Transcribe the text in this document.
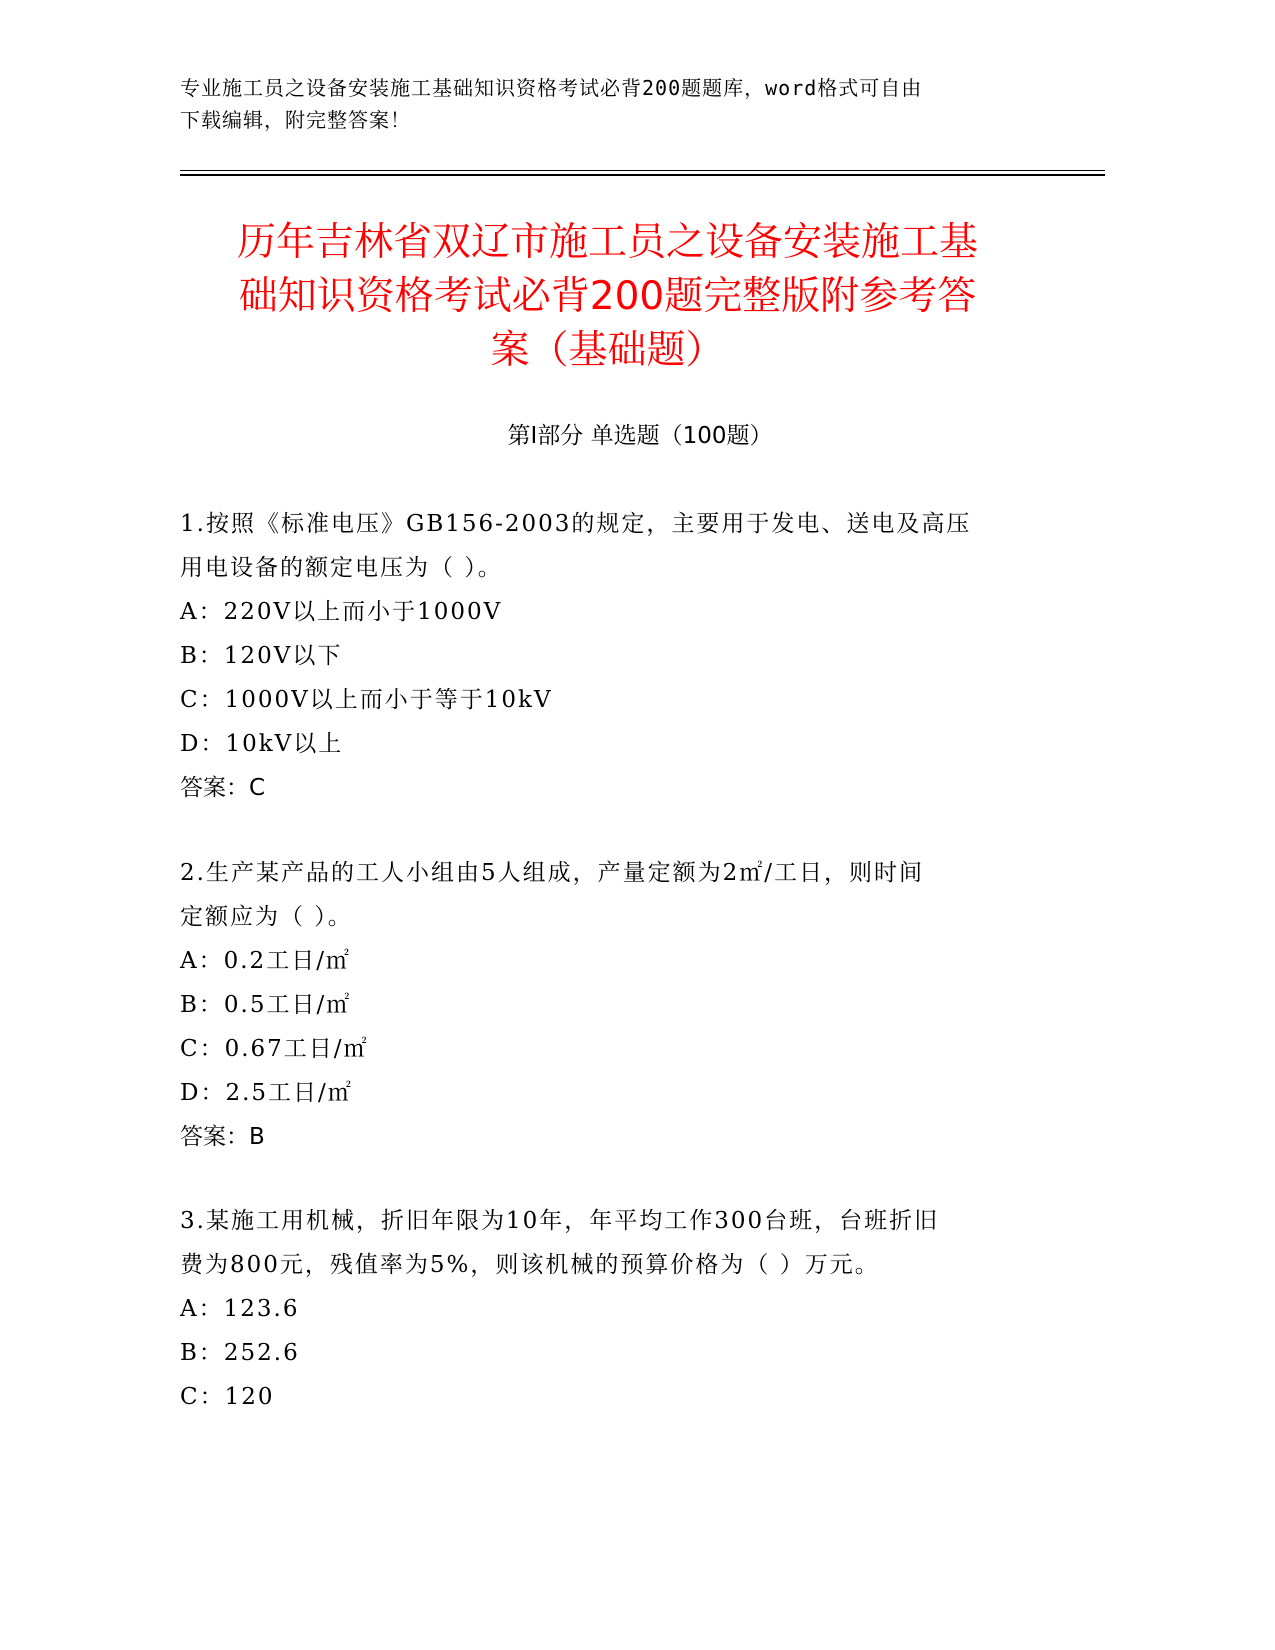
专业施工员之设备安装施工基础知识资格考试必背200题题库，word格式可自由
下载编辑，附完整答案！
历年吉林省双辽市施工员之设备安装施工基
础知识资格考试必背200题完整版附参考答
案（基础题）
第Ⅰ部分 单选题（100题）
1.按照《标准电压》GB156-2003的规定，主要用于发电、送电及高压
用电设备的额定电压为（ ）。
A：220V以上而小于1000V
B：120V以下
C：1000V以上而小于等于10kV
D：10kV以上
答案：C
2.生产某产品的工人小组由5人组成，产量定额为2㎡/工日，则时间
定额应为（ ）。
A：0.2工日/㎡
B：0.5工日/㎡
C：0.67工日/㎡
D：2.5工日/㎡
答案：B
3.某施工用机械，折旧年限为10年，年平均工作300台班，台班折旧
费为800元，残值率为5%，则该机械的预算价格为（ ）万元。
A：123.6
B：252.6
C：120
